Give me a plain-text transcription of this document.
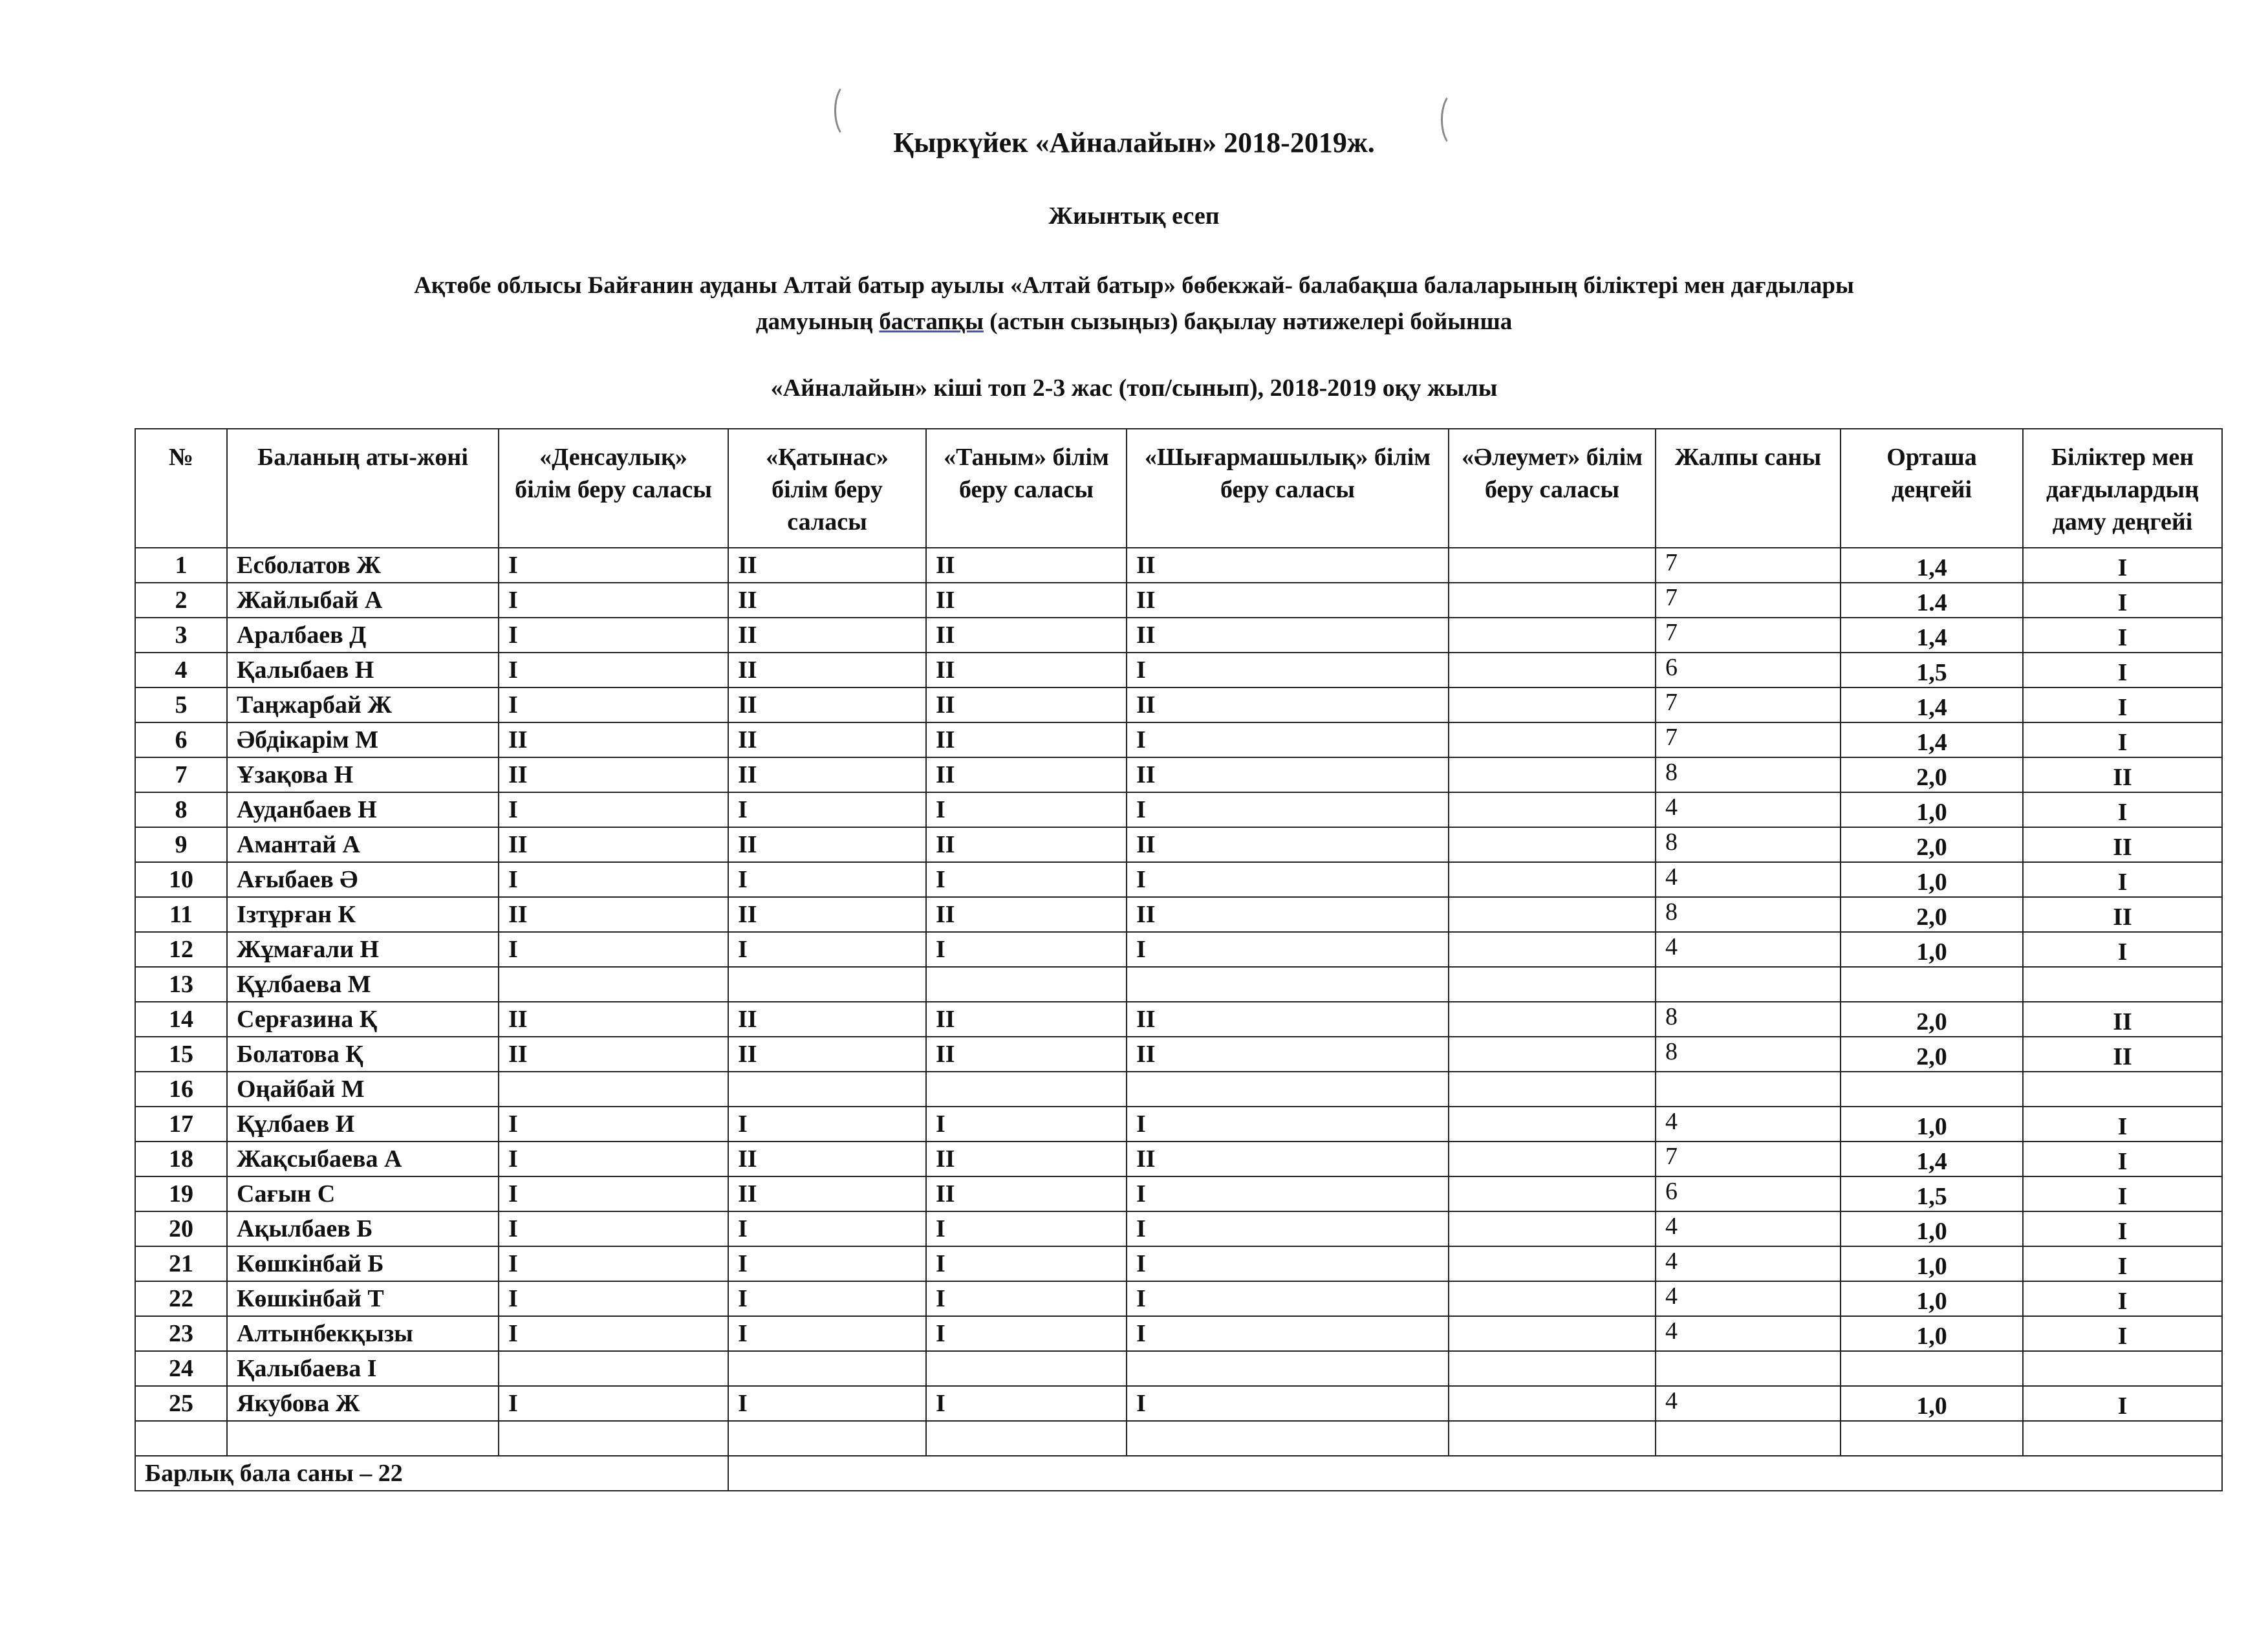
Қыркүйек «Айналайын» 2018-2019ж.
Жиынтық есеп
Ақтөбе облысы Байғанин ауданы Алтай батыр ауылы «Алтай батыр» бөбекжай- балабақша балаларының біліктері мен дағдылары
дамуының бастапқы (астын сызыңыз) бақылау нәтижелері бойынша
«Айналайын» кіші топ 2-3 жас (топ/сынып), 2018-2019 оқу жылы
№	Баланың аты-жөні	«Денсаулық» білім беру саласы	«Қатынас» білім беру саласы	«Таным» білім беру саласы	«Шығармашылық» білім беру саласы	«Әлеумет» білім беру саласы	Жалпы саны	Орташа деңгейі	Біліктер мен дағдылардың даму деңгейі
1	Есболатов Ж	I	II	II	II		7	1,4	I
2	Жайлыбай А	I	II	II	II		7	1.4	I
3	Аралбаев Д	I	II	II	II		7	1,4	I
4	Қалыбаев Н	I	II	II	I		6	1,5	I
5	Таңжарбай Ж	I	II	II	II		7	1,4	I
6	Әбдікарім М	II	II	II	I		7	1,4	I
7	Ұзақова Н	II	II	II	II		8	2,0	II
8	Ауданбаев Н	I	I	I	I		4	1,0	I
9	Амантай А	II	II	II	II		8	2,0	II
10	Ағыбаев Ә	I	I	I	I		4	1,0	I
11	Ізтұрған К	II	II	II	II		8	2,0	II
12	Жұмағали Н	I	I	I	I		4	1,0	I
13	Құлбаева М								
14	Серғазина Қ	II	II	II	II		8	2,0	II
15	Болатова Қ	II	II	II	II		8	2,0	II
16	Оңайбай М								
17	Құлбаев И	I	I	I	I		4	1,0	I
18	Жақсыбаева А	I	II	II	II		7	1,4	I
19	Сағын С	I	II	II	I		6	1,5	I
20	Ақылбаев Б	I	I	I	I		4	1,0	I
21	Көшкінбай Б	I	I	I	I		4	1,0	I
22	Көшкінбай Т	I	I	I	I		4	1,0	I
23	Алтынбекқызы	I	I	I	I		4	1,0	I
24	Қалыбаева І								
25	Якубова Ж	I	I	I	I		4	1,0	I

Барлық бала саны – 22									
